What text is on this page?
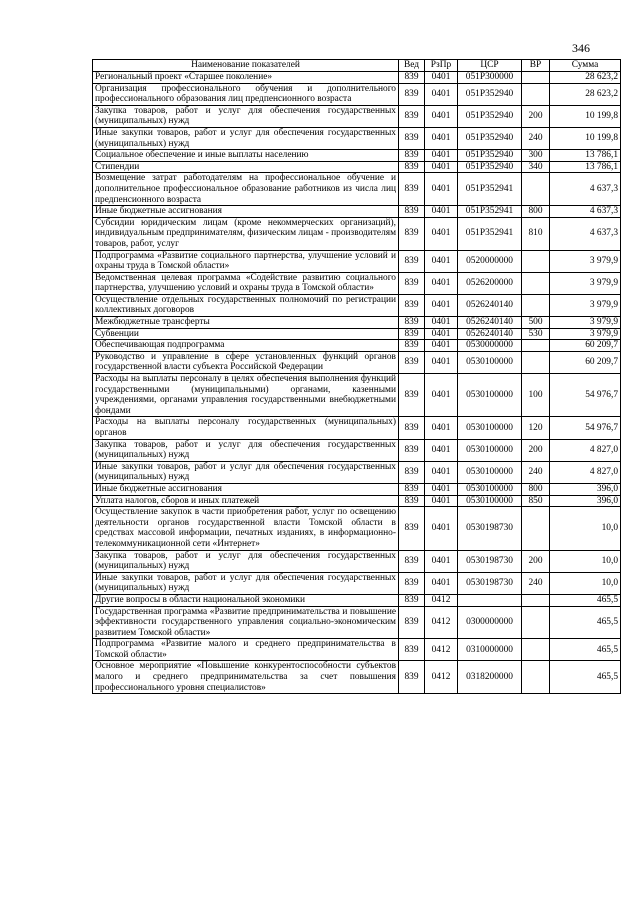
346
Наименование показателей	Вед	РзПр	ЦСР	ВР	Сумма
Региональный проект «Старшее поколение»	839	0401	051P300000		28 623,2
Организация профессионального обучения и дополнительного профессионального образования лиц предпенсионного возраста	839	0401	051P352940		28 623,2
Закупка товаров, работ и услуг для обеспечения государственных (муниципальных) нужд	839	0401	051P352940	200	10 199,8
Иные закупки товаров, работ и услуг для обеспечения государственных (муниципальных) нужд	839	0401	051P352940	240	10 199,8
Социальное обеспечение и иные выплаты населению	839	0401	051P352940	300	13 786,1
Стипендии	839	0401	051P352940	340	13 786,1
Возмещение затрат работодателям на профессиональное обучение и дополнительное профессиональное образование работников из числа лиц предпенсионного возраста	839	0401	051P352941		4 637,3
Иные бюджетные ассигнования	839	0401	051P352941	800	4 637,3
Субсидии юридическим лицам (кроме некоммерческих организаций), индивидуальным предпринимателям, физическим лицам - производителям товаров, работ, услуг	839	0401	051P352941	810	4 637,3
Подпрограмма «Развитие социального партнерства, улучшение условий и охраны труда в Томской области»	839	0401	0520000000		3 979,9
Ведомственная целевая программа «Содействие развитию социального партнерства, улучшению условий и охраны труда в Томской области»	839	0401	0526200000		3 979,9
Осуществление отдельных государственных полномочий по регистрации коллективных договоров	839	0401	0526240140		3 979,9
Межбюджетные трансферты	839	0401	0526240140	500	3 979,9
Субвенции	839	0401	0526240140	530	3 979,9
Обеспечивающая подпрограмма	839	0401	0530000000		60 209,7
Руководство и управление в сфере установленных функций органов государственной власти субъекта Российской Федерации	839	0401	0530100000		60 209,7
Расходы на выплаты персоналу в целях обеспечения выполнения функций государственными (муниципальными) органами, казенными учреждениями, органами управления государственными внебюджетными фондами	839	0401	0530100000	100	54 976,7
Расходы на выплаты персоналу государственных (муниципальных) органов	839	0401	0530100000	120	54 976,7
Закупка товаров, работ и услуг для обеспечения государственных (муниципальных) нужд	839	0401	0530100000	200	4 827,0
Иные закупки товаров, работ и услуг для обеспечения государственных (муниципальных) нужд	839	0401	0530100000	240	4 827,0
Иные бюджетные ассигнования	839	0401	0530100000	800	396,0
Уплата налогов, сборов и иных платежей	839	0401	0530100000	850	396,0
Осуществление закупок в части приобретения работ, услуг по освещению деятельности органов государственной власти Томской области в средствах массовой информации, печатных изданиях, в информационно-телекоммуникационной сети «Интернет»	839	0401	0530198730		10,0
Закупка товаров, работ и услуг для обеспечения государственных (муниципальных) нужд	839	0401	0530198730	200	10,0
Иные закупки товаров, работ и услуг для обеспечения государственных (муниципальных) нужд	839	0401	0530198730	240	10,0
Другие вопросы в области национальной экономики	839	0412			465,5
Государственная программа «Развитие предпринимательства и повышение эффективности государственного управления социально-экономическим развитием Томской области»	839	0412	0300000000		465,5
Подпрограмма «Развитие малого и среднего предпринимательства в Томской области»	839	0412	0310000000		465,5
Основное мероприятие «Повышение конкурентоспособности субъектов малого и среднего предпринимательства за счет повышения профессионального уровня специалистов»	839	0412	0318200000		465,5
